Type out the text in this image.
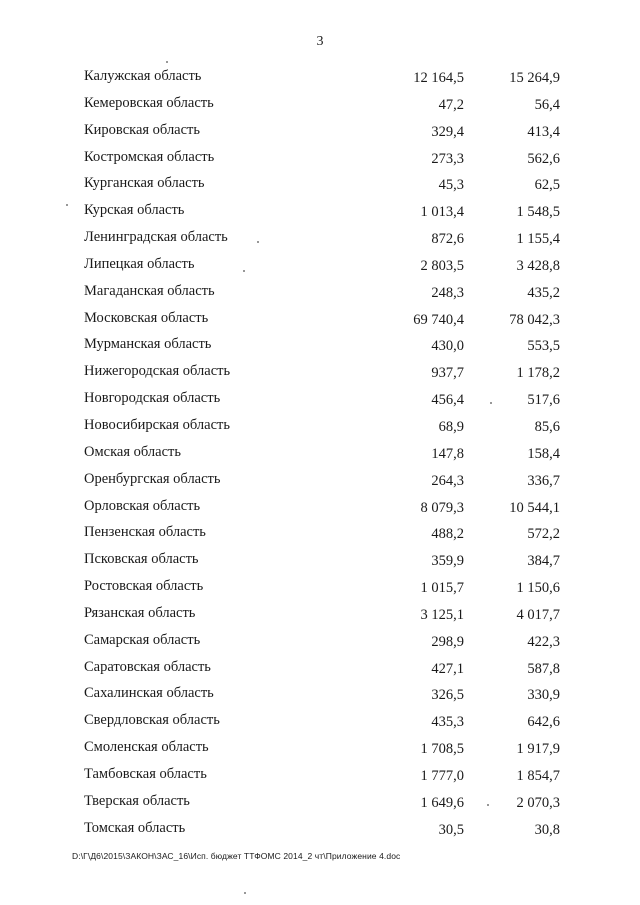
3
Калужская область	12 164,5	15 264,9
Кемеровская область	47,2	56,4
Кировская область	329,4	413,4
Костромская область	273,3	562,6
Курганская область	45,3	62,5
Курская область	1 013,4	1 548,5
Ленинградская область	872,6	1 155,4
Липецкая область	2 803,5	3 428,8
Магаданская область	248,3	435,2
Московская область	69 740,4	78 042,3
Мурманская область	430,0	553,5
Нижегородская область	937,7	1 178,2
Новгородская область	456,4	517,6
Новосибирская область	68,9	85,6
Омская область	147,8	158,4
Оренбургская область	264,3	336,7
Орловская область	8 079,3	10 544,1
Пензенская область	488,2	572,2
Псковская область	359,9	384,7
Ростовская область	1 015,7	1 150,6
Рязанская область	3 125,1	4 017,7
Самарская область	298,9	422,3
Саратовская область	427,1	587,8
Сахалинская область	326,5	330,9
Свердловская область	435,3	642,6
Смоленская область	1 708,5	1 917,9
Тамбовская область	1 777,0	1 854,7
Тверская область	1 649,6	2 070,3
Томская область	30,5	30,8
D:\Г\Д6\2015\ЗАКОН\ЗАС_16\Исп. бюджет ТТФОМС 2014_2 чт\Приложение 4.doc
